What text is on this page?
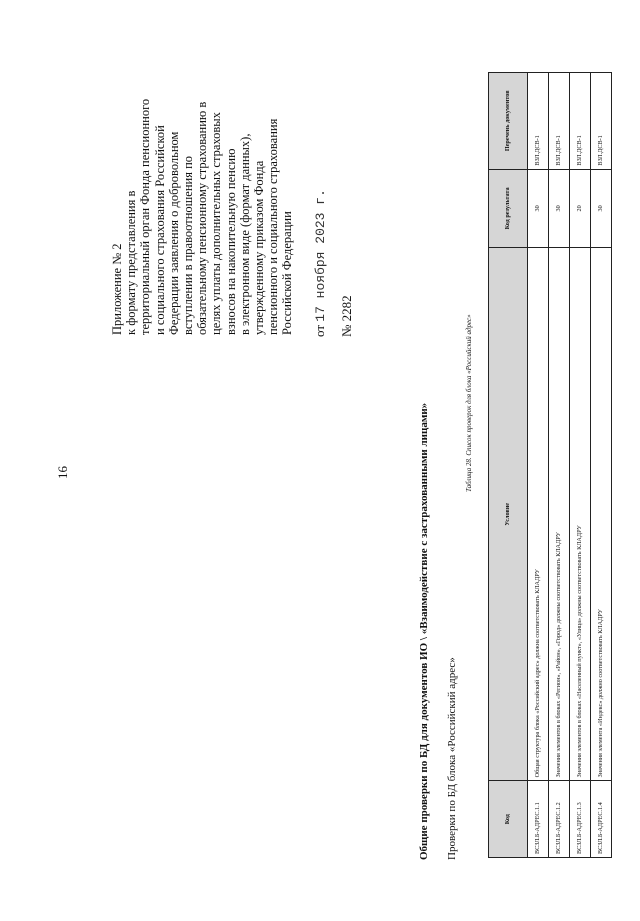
16
Приложение № 2 к формату представления в территориальный орган Фонда пенсионного и социального страхования Российской Федерации заявления о добровольном вступлении в правоотношения по обязательному пенсионному страхованию в целях уплаты дополнительных страховых взносов на накопительную пенсию в электронном виде (формат данных), утвержденному приказом Фонда пенсионного и социального страхования Российской Федерации от 17 ноября 2023 г.
№ 2282
Общие проверки по БД для документов ИО \ «Взаимодействие с застрахованными лицами» Проверки по БД блока «Российский адрес»
Таблица 28. Список проверок для блока «Российский адрес»
Код	Условие	Код результата	Перечень документов
ВСЗЛ.Б-АДРЕС.1.1	Общая структура блока «Российский адрес» должна соответствовать КЛАДРУ	30	ВЗЛ.ДСВ-1
ВСЗЛ.Б-АДРЕС.1.2	Значения элементов в блоках «Регион», «Район», «Город» должны соответствовать КЛАДРУ	30	ВЗЛ.ДСВ-1
ВСЗЛ.Б-АДРЕС.1.3	Значения элементов в блоках «Населенный пункт», «Улица» должны соответствовать КЛАДРУ	20	ВЗЛ.ДСВ-1
ВСЗЛ.Б-АДРЕС.1.4	Значения элемента «Индекс» должно соответствовать КЛАДРУ	30	ВЗЛ.ДСВ-1
